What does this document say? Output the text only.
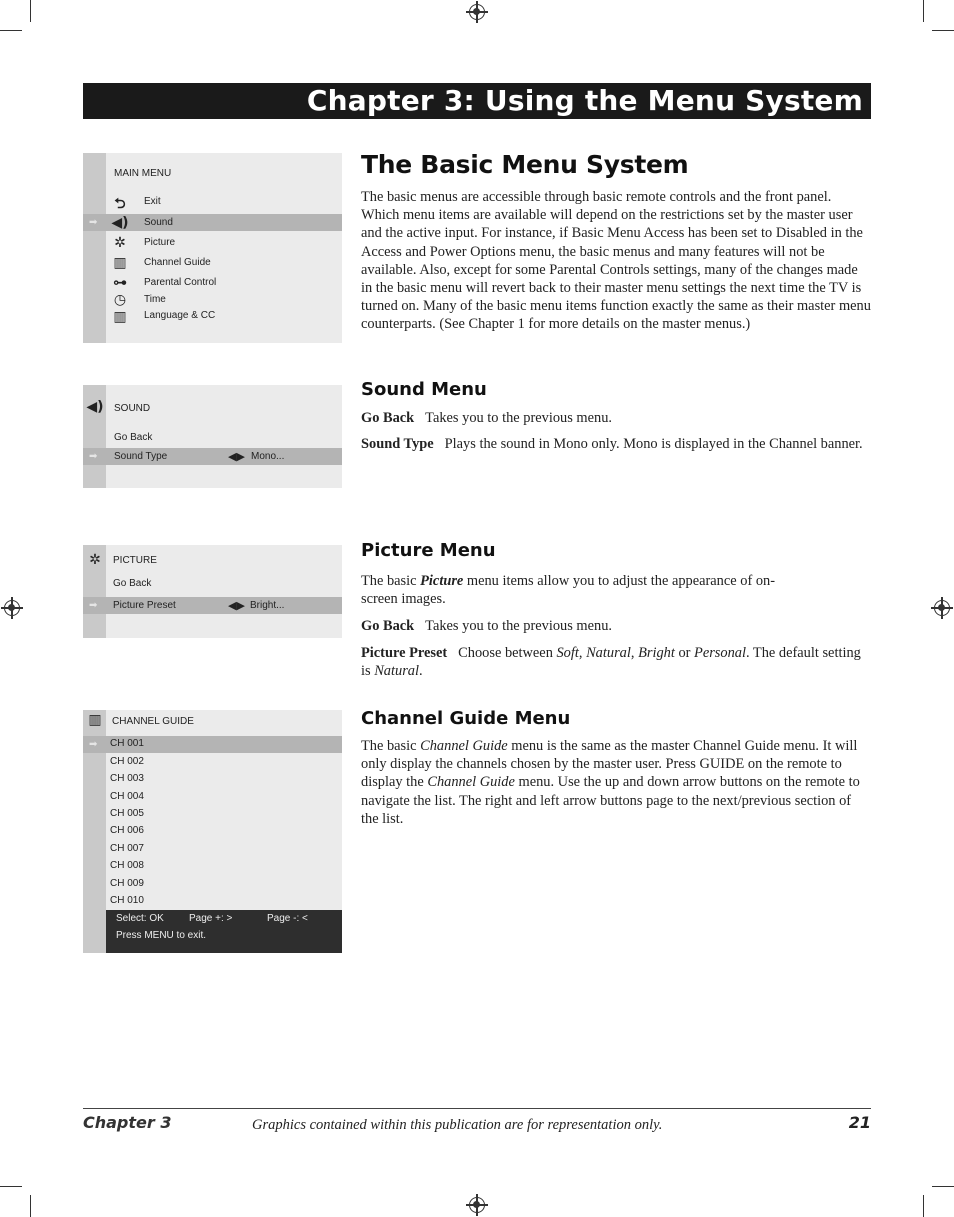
Chapter 3: Using the Menu System
MAIN MENU
⮌	Exit
➡ ◀) Sound
✲	Picture
▥ Channel Guide
⊶ Parental Control
◷ Time
▥ Language & CC
◀) SOUND
Go Back
➡ Sound Type	◀▶ Mono...
✲	PICTURE
Go Back
➡ Picture Preset	◀▶ Bright...
▥ CHANNEL GUIDE
➡ CH 001
CH 002
CH 003
CH 004
CH 005
CH 006
CH 007
CH 008
CH 009
CH 010
Select: OK	Page +: >	Page -: <
Press MENU to exit.
The Basic Menu System

The basic menus are accessible through basic remote controls and the front panel. Which menu items are available will depend on the restrictions set by the master user and the active input. For instance, if Basic Menu Access has been set to Disabled in the Access and Power Options menu, the basic menus and many features will not be available. Also, except for some Parental Controls settings, many of the changes made in the basic menu will revert back to their master menu settings the next time the TV is turned on. Many of the basic menu items function exactly the same as their master menu counterparts. (See Chapter 1 for more details on the master menus.)

Sound Menu

Go Back Takes you to the previous menu.

Sound Type Plays the sound in Mono only. Mono is displayed in the Channel banner.

Picture Menu

The basic Picture menu items allow you to adjust the appearance of on-screen images.

Go Back Takes you to the previous menu.

Picture Preset Choose between Soft, Natural, Bright or Personal. The default setting is Natural.

Channel Guide Menu

The basic Channel Guide menu is the same as the master Channel Guide menu. It will only display the channels chosen by the master user. Press GUIDE on the remote to display the Channel Guide menu. Use the up and down arrow buttons on the remote to navigate the list. The right and left arrow buttons page to the next/previous section of the list.

Chapter 3	Graphics contained within this publication are for representation only.	21
